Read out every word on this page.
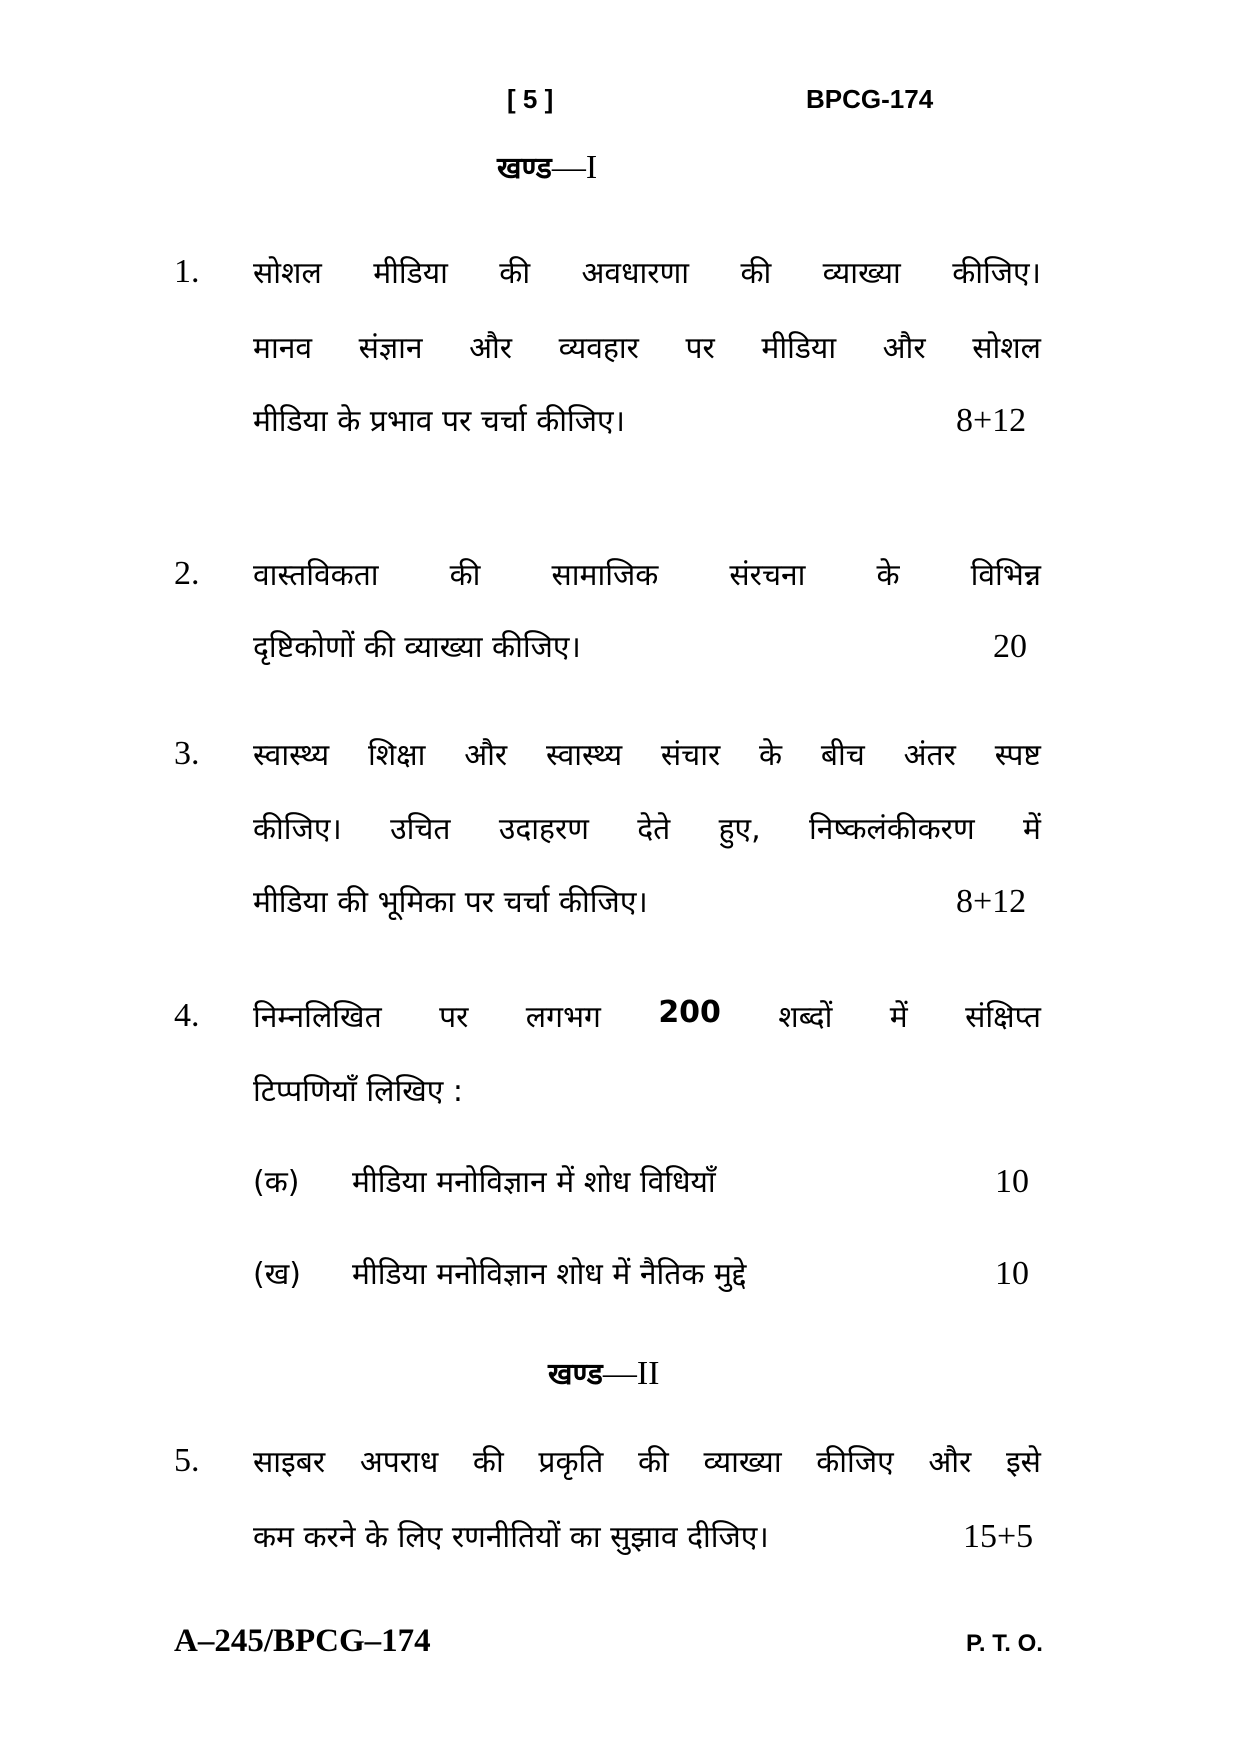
[ 5 ]	BPCG-174
खण्ड—I
1. सोशल मीडिया की अवधारणा की व्याख्या कीजिए।
मानव संज्ञान और व्यवहार पर मीडिया और सोशल
मीडिया के प्रभाव पर चर्चा कीजिए।	8+12
2. वास्तविकता की सामाजिक संरचना के विभिन्न
दृष्टिकोणों की व्याख्या कीजिए।	20
3. स्वास्थ्य शिक्षा और स्वास्थ्य संचार के बीच अंतर स्पष्ट
कीजिए। उचित उदाहरण देते हुए, निष्कलंकीकरण में
मीडिया की भूमिका पर चर्चा कीजिए।	8+12
4. निम्नलिखित पर लगभग 200 शब्दों में संक्षिप्त
टिप्पणियाँ लिखिए :
(क) मीडिया मनोविज्ञान में शोध विधियाँ	10
(ख) मीडिया मनोविज्ञान शोध में नैतिक मुद्दे	10
खण्ड—II
5. साइबर अपराध की प्रकृति की व्याख्या कीजिए और इसे
कम करने के लिए रणनीतियों का सुझाव दीजिए।	15+5
A–245/BPCG–174	P. T. O.
